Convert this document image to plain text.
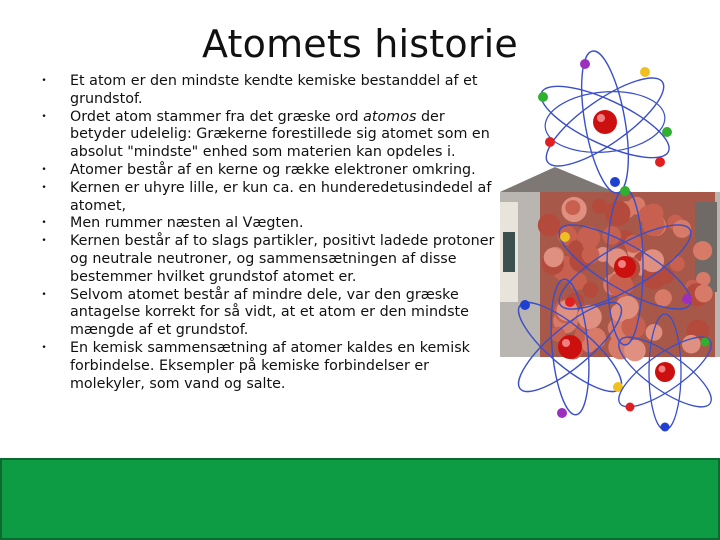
Atomets historie
• Et atom er den mindste kendte kemiske bestanddel af et grundstof.
• Ordet atom stammer fra det græske ord atomos der betyder udelelig: Grækerne forestillede sig atomet som en absolut "mindste" enhed som materien kan opdeles i.
• Atomer består af en kerne og række elektroner omkring.
• Kernen er uhyre lille, er kun ca. en hunderedetusindedel af atomet,
• Men rummer næsten al Vægten.
• Kernen består af to slags partikler, positivt ladede protoner og neutrale neutroner, og sammensætningen af disse bestemmer hvilket grundstof atomet er.
• Selvom atomet består af mindre dele, var den græske antagelse korrekt for så vidt, at et atom er den mindste mængde af et grundstof.
• En kemisk sammensætning af atomer kaldes en kemisk forbindelse. Eksempler på kemiske forbindelser er molekyler, som vand og salte.
